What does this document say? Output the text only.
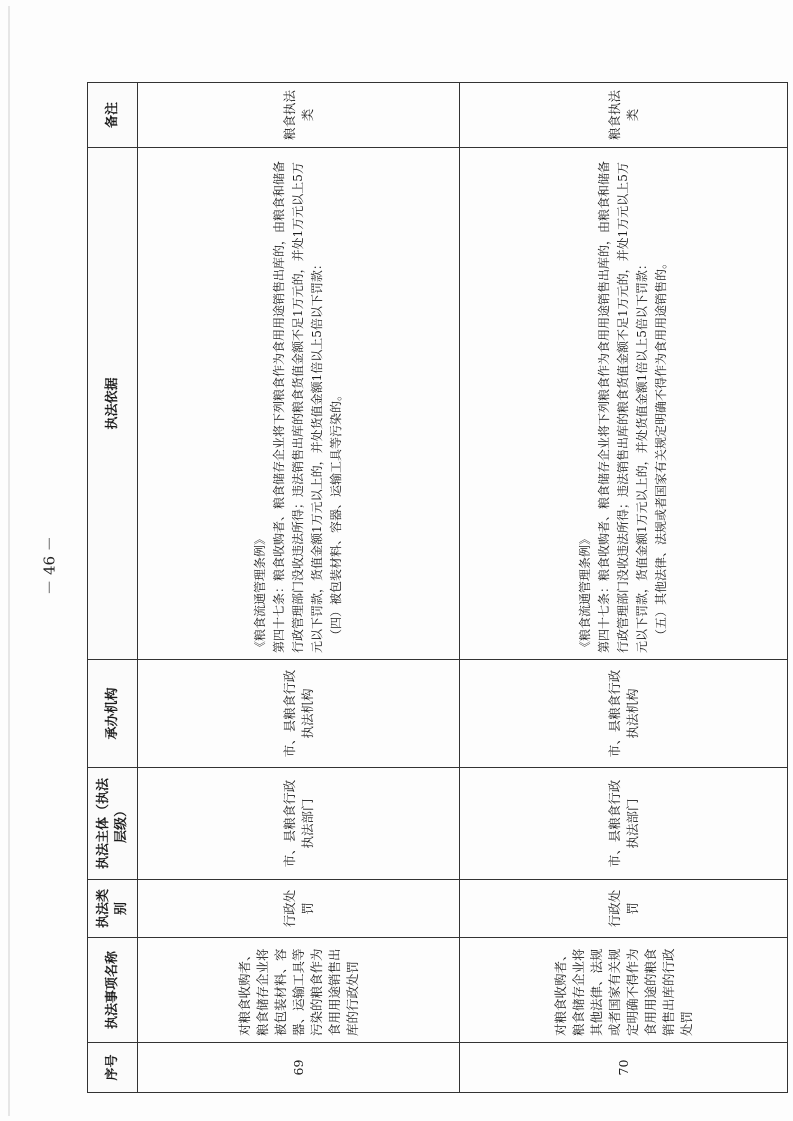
序号	执法事项名称	执法类别	执法主体（执法层级）	承办机构	执法依据	备注
69	对粮食收购者、粮食储存企业将被包装材料、容器、运输工具等污染的粮食作为食用用途销售出库的行政处罚	行政处罚	市、县粮食行政执法部门	市、县粮食行政执法机构	《粮食流通管理条例》 第四十七条：粮食收购者、粮食储存企业将下列粮食作为食用用途销售出库的，由粮食和储备行政管理部门没收违法所得；违法销售出库的粮食货值金额不足1万元的，并处1万元以上5万元以下罚款，货值金额1万元以上的，并处货值金额1倍以上5倍以下罚款： （四）被包装材料、容器、运输工具等污染的。	粮食执法类
70	对粮食收购者、粮食储存企业将其他法律、法规或者国家有关规定明确不得作为食用用途的粮食销售出库的行政处罚	行政处罚	市、县粮食行政执法部门	市、县粮食行政执法机构	《粮食流通管理条例》 第四十七条：粮食收购者、粮食储存企业将下列粮食作为食用用途销售出库的，由粮食和储备行政管理部门没收违法所得；违法销售出库的粮食货值金额不足1万元的，并处1万元以上5万元以下罚款，货值金额1万元以上的，并处货值金额1倍以上5倍以下罚款： （五）其他法律、法规或者国家有关规定明确不得作为食用用途销售的。	粮食执法类
－ 46 －
